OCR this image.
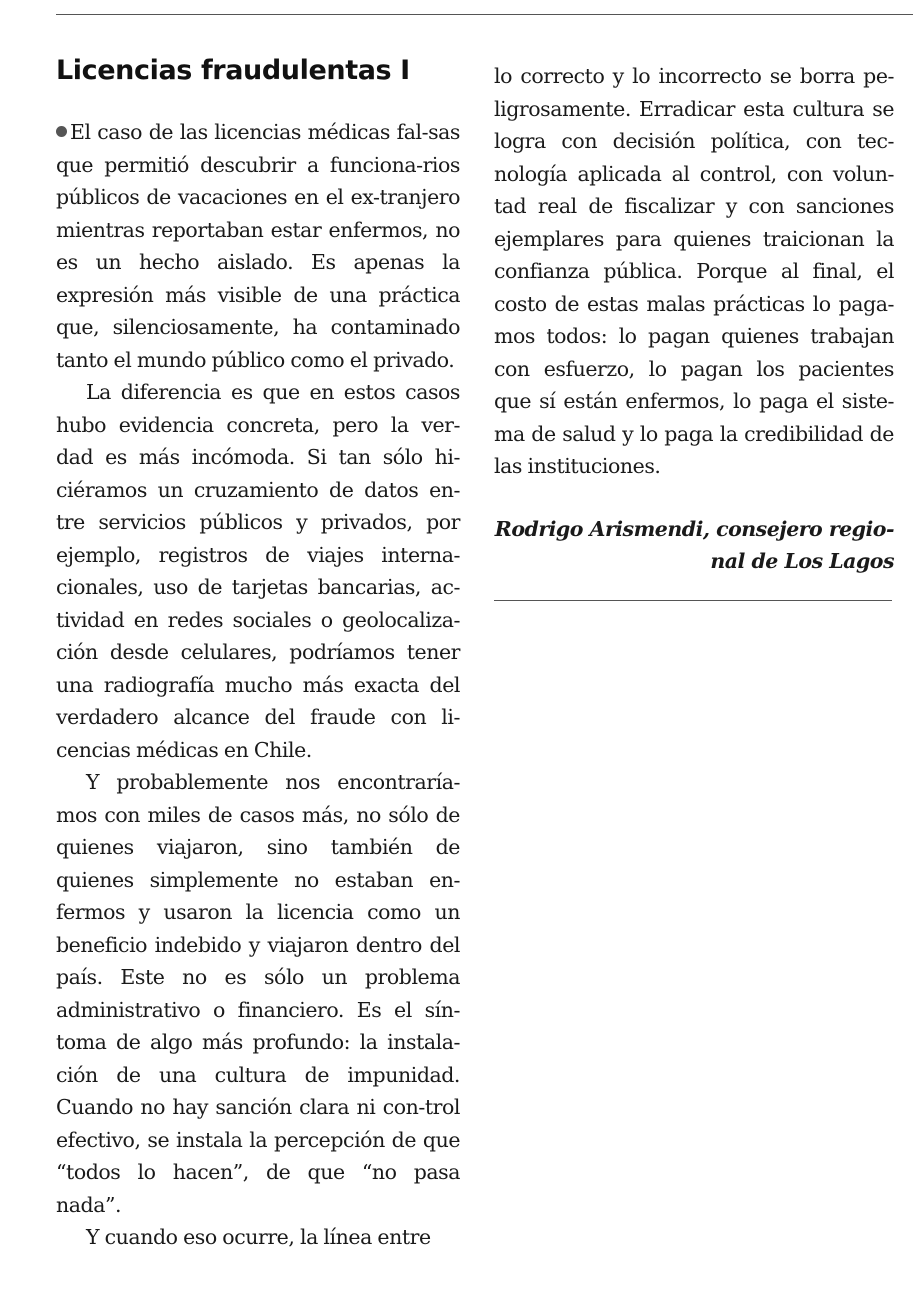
Licencias fraudulentas I

El caso de las licencias médicas fal-sas que permitió descubrir a funciona-rios públicos de vacaciones en el ex-tranjero mientras reportaban estar enfermos, no es un hecho aislado. Es apenas la expresión más visible de una práctica que, silenciosamente, ha contaminado tanto el mundo público como el privado.

La diferencia es que en estos casos hubo evidencia concreta, pero la ver-dad es más incómoda. Si tan sólo hi-ciéramos un cruzamiento de datos en-tre servicios públicos y privados, por ejemplo, registros de viajes interna-cionales, uso de tarjetas bancarias, ac-tividad en redes sociales o geolocaliza-ción desde celulares, podríamos tener una radiografía mucho más exacta del verdadero alcance del fraude con li-cencias médicas en Chile.

Y probablemente nos encontraría-mos con miles de casos más, no sólo de quienes viajaron, sino también de quienes simplemente no estaban en-fermos y usaron la licencia como un beneficio indebido y viajaron dentro del país. Este no es sólo un problema administrativo o financiero. Es el sín-toma de algo más profundo: la instala-ción de una cultura de impunidad. Cuando no hay sanción clara ni con-trol efectivo, se instala la percepción de que “todos lo hacen”, de que “no pasa nada”.

Y cuando eso ocurre, la línea entre

lo correcto y lo incorrecto se borra pe-ligrosamente. Erradicar esta cultura se logra con decisión política, con tec-nología aplicada al control, con volun-tad real de fiscalizar y con sanciones ejemplares para quienes traicionan la confianza pública. Porque al final, el costo de estas malas prácticas lo paga-mos todos: lo pagan quienes trabajan con esfuerzo, lo pagan los pacientes que sí están enfermos, lo paga el siste-ma de salud y lo paga la credibilidad de las instituciones.

Rodrigo Arismendi, consejero regio-nal de Los Lagos
